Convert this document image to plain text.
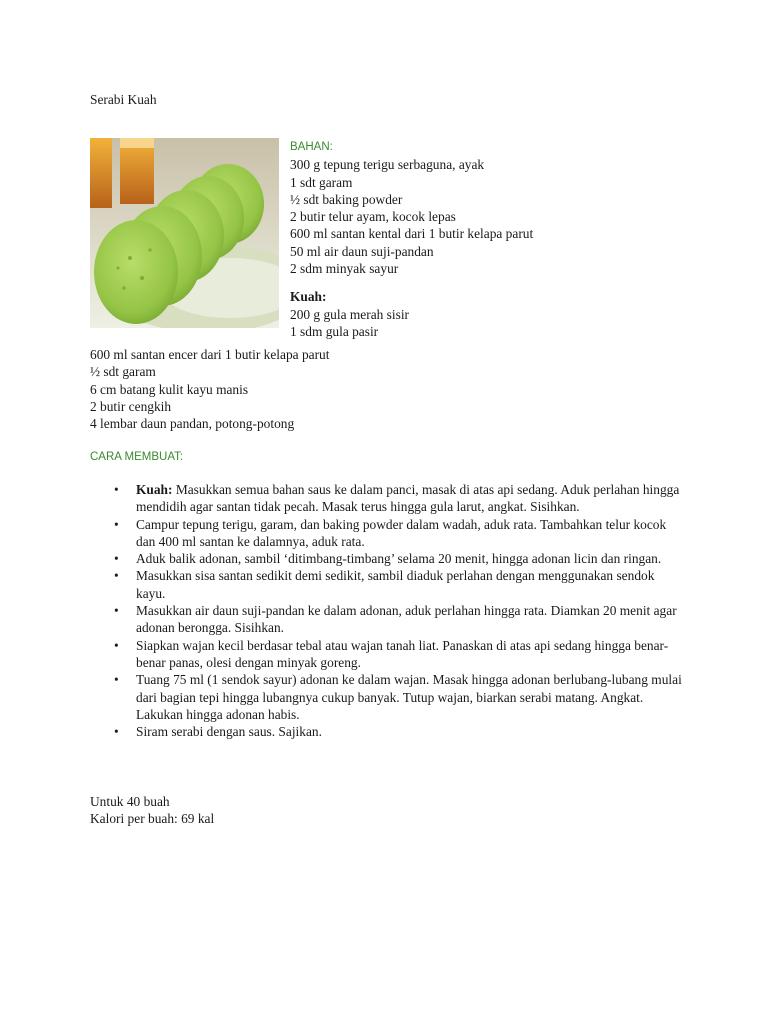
Serabi Kuah
BAHAN:
300 g tepung terigu serbaguna, ayak
1 sdt garam
½ sdt baking powder
2 butir telur ayam, kocok lepas
600 ml santan kental dari 1 butir kelapa parut
50 ml air daun suji-pandan
2 sdm minyak sayur
Kuah:
200 g gula merah sisir
1 sdm gula pasir
600 ml santan encer dari 1 butir kelapa parut
½ sdt garam
6 cm batang kulit kayu manis
2 butir cengkih
4 lembar daun pandan, potong-potong
CARA MEMBUAT:
• Kuah: Masukkan semua bahan saus ke dalam panci, masak di atas api sedang. Aduk perlahan hingga mendidih agar santan tidak pecah. Masak terus hingga gula larut, angkat. Sisihkan.
• Campur tepung terigu, garam, dan baking powder dalam wadah, aduk rata. Tambahkan telur kocok dan 400 ml santan ke dalamnya, aduk rata.
• Aduk balik adonan, sambil ‘ditimbang-timbang’ selama 20 menit, hingga adonan licin dan ringan.
• Masukkan sisa santan sedikit demi sedikit, sambil diaduk perlahan dengan menggunakan sendok kayu.
• Masukkan air daun suji-pandan ke dalam adonan, aduk perlahan hingga rata. Diamkan 20 menit agar adonan berongga. Sisihkan.
• Siapkan wajan kecil berdasar tebal atau wajan tanah liat. Panaskan di atas api sedang hingga benar-benar panas, olesi dengan minyak goreng.
• Tuang 75 ml (1 sendok sayur) adonan ke dalam wajan. Masak hingga adonan berlubang-lubang mulai dari bagian tepi hingga lubangnya cukup banyak. Tutup wajan, biarkan serabi matang. Angkat. Lakukan hingga adonan habis.
• Siram serabi dengan saus. Sajikan.
Untuk 40 buah
Kalori per buah: 69 kal
